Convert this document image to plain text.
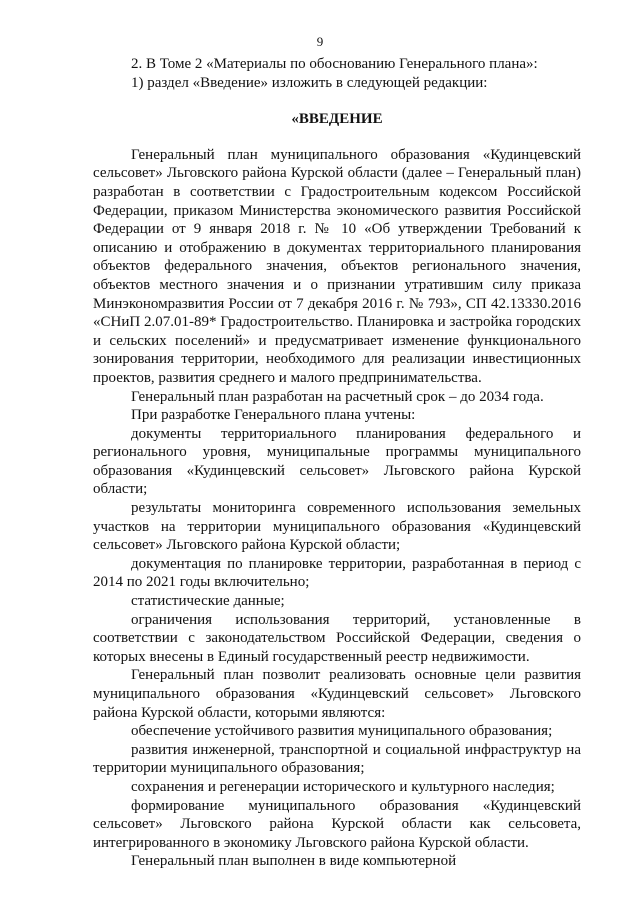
9

2. В Томе 2 «Материалы по обоснованию Генерального плана»:

1) раздел «Введение» изложить в следующей редакции:

«ВВЕДЕНИЕ

Генеральный план муниципального образования «Кудинцевский сельсовет» Льговского района Курской области (далее – Генеральный план) разработан в соответствии с Градостроительным кодексом Российской Федерации, приказом Министерства экономического развития Российской Федерации от 9 января 2018 г. № 10 «Об утверждении Требований к описанию и отображению в документах территориального планирования объектов федерального значения, объектов регионального значения, объектов местного значения и о признании утратившим силу приказа Минэкономразвития России от 7 декабря 2016 г. № 793», СП 42.13330.2016 «СНиП 2.07.01-89* Градостроительство. Планировка и застройка городских и сельских поселений» и предусматривает изменение функционального зонирования территории, необходимого для реализации инвестиционных проектов, развития среднего и малого предпринимательства.

Генеральный план разработан на расчетный срок – до 2034 года.

При разработке Генерального плана учтены:

документы территориального планирования федерального и регионального уровня, муниципальные программы муниципального образования «Кудинцевский сельсовет» Льговского района Курской области;

результаты мониторинга современного использования земельных участков на территории муниципального образования «Кудинцевский сельсовет» Льговского района Курской области;

документация по планировке территории, разработанная в период с 2014 по 2021 годы включительно;

статистические данные;

ограничения использования территорий, установленные в соответствии с законодательством Российской Федерации, сведения о которых внесены в Единый государственный реестр недвижимости.

Генеральный план позволит реализовать основные цели развития муниципального образования «Кудинцевский сельсовет» Льговского района Курской области, которыми являются:

обеспечение устойчивого развития муниципального образования;

развития инженерной, транспортной и социальной инфраструктур на территории муниципального образования;

сохранения и регенерации исторического и культурного наследия;

формирование муниципального образования «Кудинцевский сельсовет» Льговского района Курской области как сельсовета, интегрированного в экономику Льговского района Курской области.

Генеральный план выполнен в виде компьютерной
